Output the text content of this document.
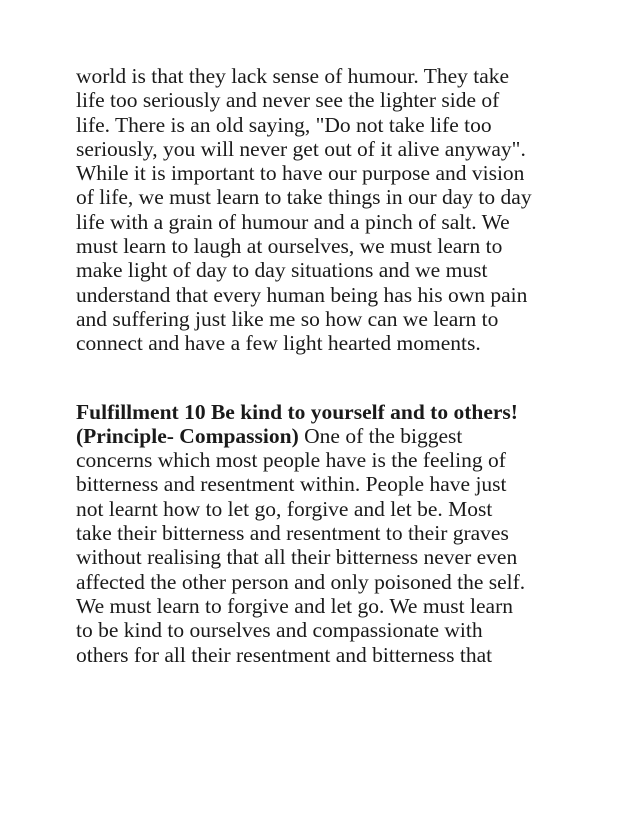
world is that they lack sense of humour. They take

life too seriously and never see the lighter side of

life. There is an old saying, "Do not take life too

seriously, you will never get out of it alive anyway".

While it is important to have our purpose and vision

of life, we must learn to take things in our day to day

life with a grain of humour and a pinch of salt. We

must learn to laugh at ourselves, we must learn to

make light of day to day situations and we must

understand that every human being has his own pain

and suffering just like me so how can we learn to

connect and have a few light hearted moments.

Fulfillment 10 Be kind to yourself and to others!

(Principle- Compassion) One of the biggest

concerns which most people have is the feeling of

bitterness and resentment within. People have just

not learnt how to let go, forgive and let be. Most

take their bitterness and resentment to their graves

without realising that all their bitterness never even

affected the other person and only poisoned the self.

We must learn to forgive and let go. We must learn

to be kind to ourselves and compassionate with

others for all their resentment and bitterness that
